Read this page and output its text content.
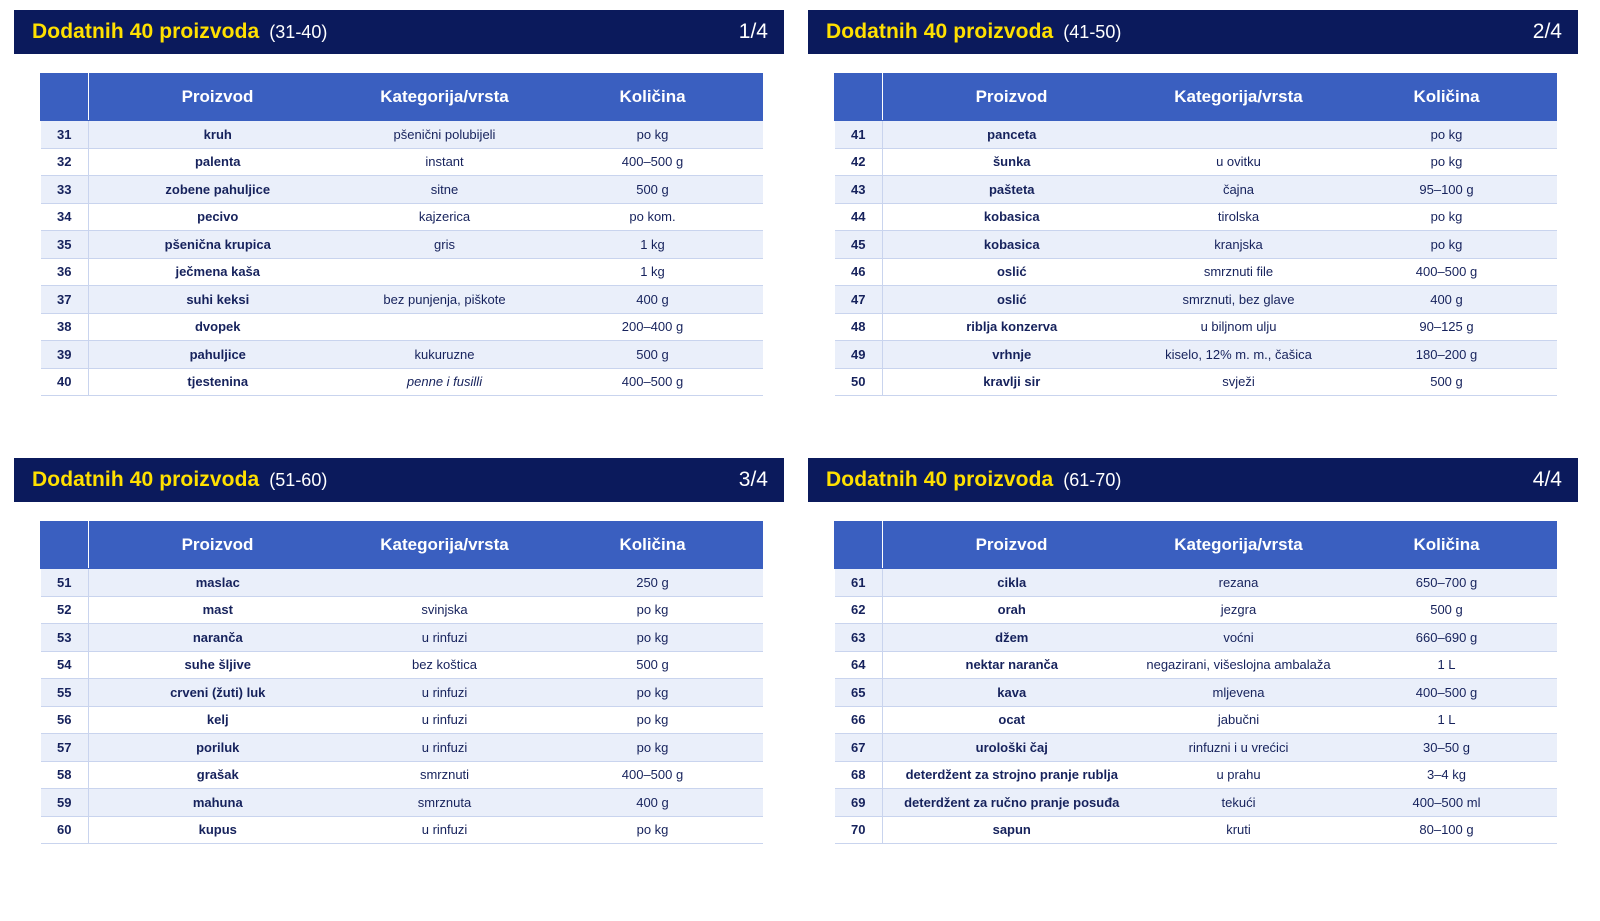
Dodatnih 40 proizvoda (31-40)	1/4
	Proizvod	Kategorija/vrsta	Količina
31	kruh	pšenični polubijeli	po kg
32	palenta	instant	400–500 g
33	zobene pahuljice	sitne	500 g
34	pecivo	kajzerica	po kom.
35	pšenična krupica	gris	1 kg
36	ječmena kaša		1 kg
37	suhi keksi	bez punjenja, piškote	400 g
38	dvopek		200–400 g
39	pahuljice	kukuruzne	500 g
40	tjestenina	penne i fusilli	400–500 g
Dodatnih 40 proizvoda (41-50)	2/4
	Proizvod	Kategorija/vrsta	Količina
41	panceta		po kg
42	šunka	u ovitku	po kg
43	pašteta	čajna	95–100 g
44	kobasica	tirolska	po kg
45	kobasica	kranjska	po kg
46	oslić	smrznuti file	400–500 g
47	oslić	smrznuti, bez glave	400 g
48	riblja konzerva	u biljnom ulju	90–125 g
49	vrhnje	kiselo, 12% m. m., čašica	180–200 g
50	kravlji sir	svježi	500 g
Dodatnih 40 proizvoda (51-60)	3/4
	Proizvod	Kategorija/vrsta	Količina
51	maslac		250 g
52	mast	svinjska	po kg
53	naranča	u rinfuzi	po kg
54	suhe šljive	bez koštica	500 g
55	crveni (žuti) luk	u rinfuzi	po kg
56	kelj	u rinfuzi	po kg
57	poriluk	u rinfuzi	po kg
58	grašak	smrznuti	400–500 g
59	mahuna	smrznuta	400 g
60	kupus	u rinfuzi	po kg
Dodatnih 40 proizvoda (61-70)	4/4
	Proizvod	Kategorija/vrsta	Količina
61	cikla	rezana	650–700 g
62	orah	jezgra	500 g
63	džem	voćni	660–690 g
64	nektar naranča	negazirani, višeslojna ambalaža	1 L
65	kava	mljevena	400–500 g
66	ocat	jabučni	1 L
67	urološki čaj	rinfuzni i u vrećici	30–50 g
68	deterdžent za strojno pranje rublja	u prahu	3–4 kg
69	deterdžent za ručno pranje posuđa	tekući	400–500 ml
70	sapun	kruti	80–100 g
